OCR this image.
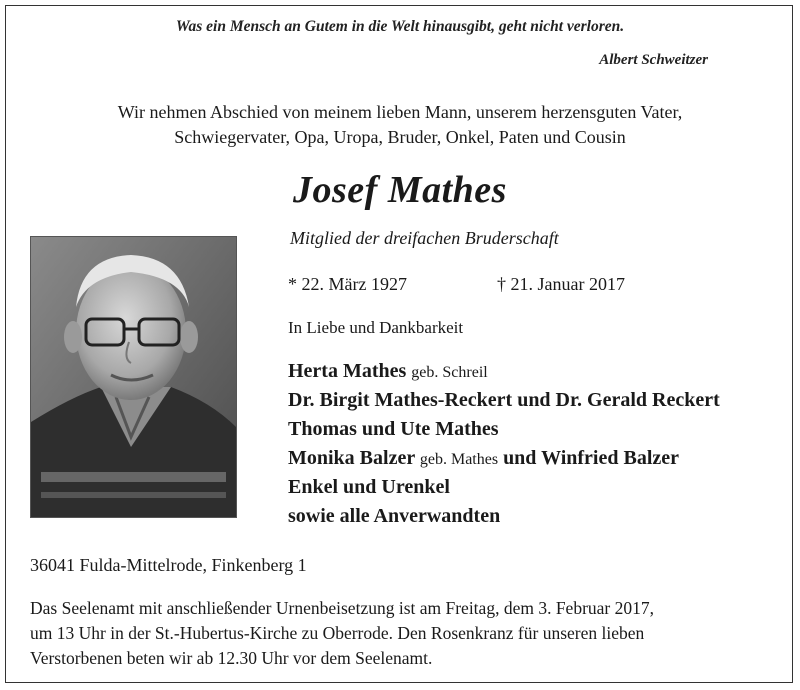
Was ein Mensch an Gutem in die Welt hinausgibt, geht nicht verloren.
Albert Schweitzer
Wir nehmen Abschied von meinem lieben Mann, unserem herzensguten Vater,
Schwiegervater, Opa, Uropa, Bruder, Onkel, Paten und Cousin
Josef Mathes
Mitglied der dreifachen Bruderschaft
* 22. März 1927	† 21. Januar 2017
In Liebe und Dankbarkeit
Herta Mathes geb. Schreil
Dr. Birgit Mathes-Reckert und Dr. Gerald Reckert
Thomas und Ute Mathes
Monika Balzer geb. Mathes und Winfried Balzer
Enkel und Urenkel
sowie alle Anverwandten
36041 Fulda-Mittelrode, Finkenberg 1
Das Seelenamt mit anschließender Urnenbeisetzung ist am Freitag, dem 3. Februar 2017,
um 13 Uhr in der St.-Hubertus-Kirche zu Oberrode. Den Rosenkranz für unseren lieben
Verstorbenen beten wir ab 12.30 Uhr vor dem Seelenamt.
